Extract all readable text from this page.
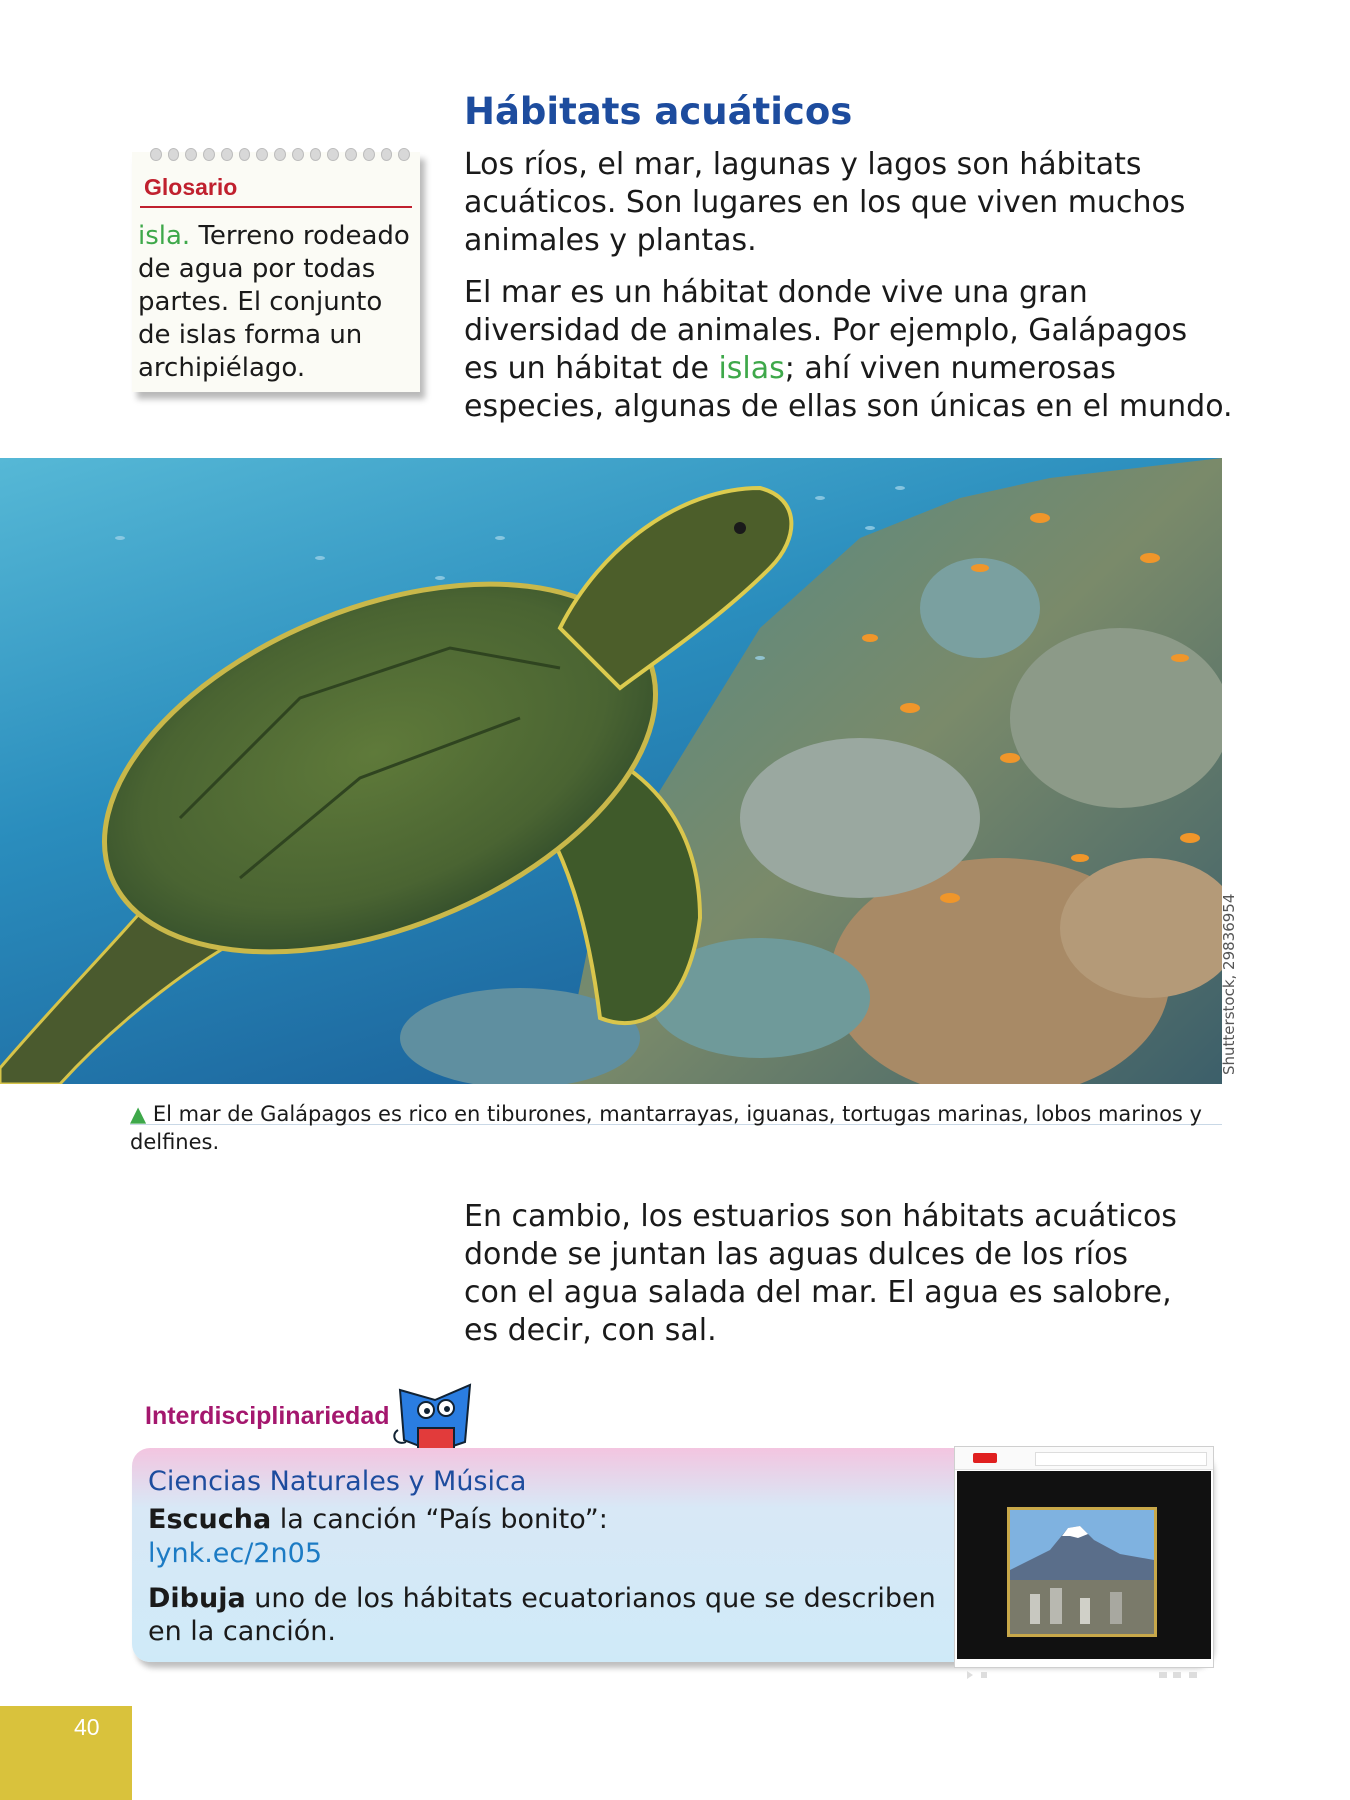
Glosario
isla. Terreno rodeado de agua por todas partes. El conjunto de islas forma un archipiélago.
Hábitats acuáticos
Los ríos, el mar, lagunas y lagos son hábitats
acuáticos. Son lugares en los que viven muchos
animales y plantas.
El mar es un hábitat donde vive una gran
diversidad de animales. Por ejemplo, Galápagos
es un hábitat de islas; ahí viven numerosas
especies, algunas de ellas son únicas en el mundo.
Shutterstock, 29836954
▲ El mar de Galápagos es rico en tiburones, mantarrayas, iguanas, tortugas marinas, lobos marinos y delfines.
En cambio, los estuarios son hábitats acuáticos
donde se juntan las aguas dulces de los ríos
con el agua salada del mar. El agua es salobre,
es decir, con sal.
Interdisciplinariedad
Ciencias Naturales y Música
Escucha la canción “País bonito”:
lynk.ec/2n05
Dibuja uno de los hábitats ecuatorianos que se describen en la canción.
40
